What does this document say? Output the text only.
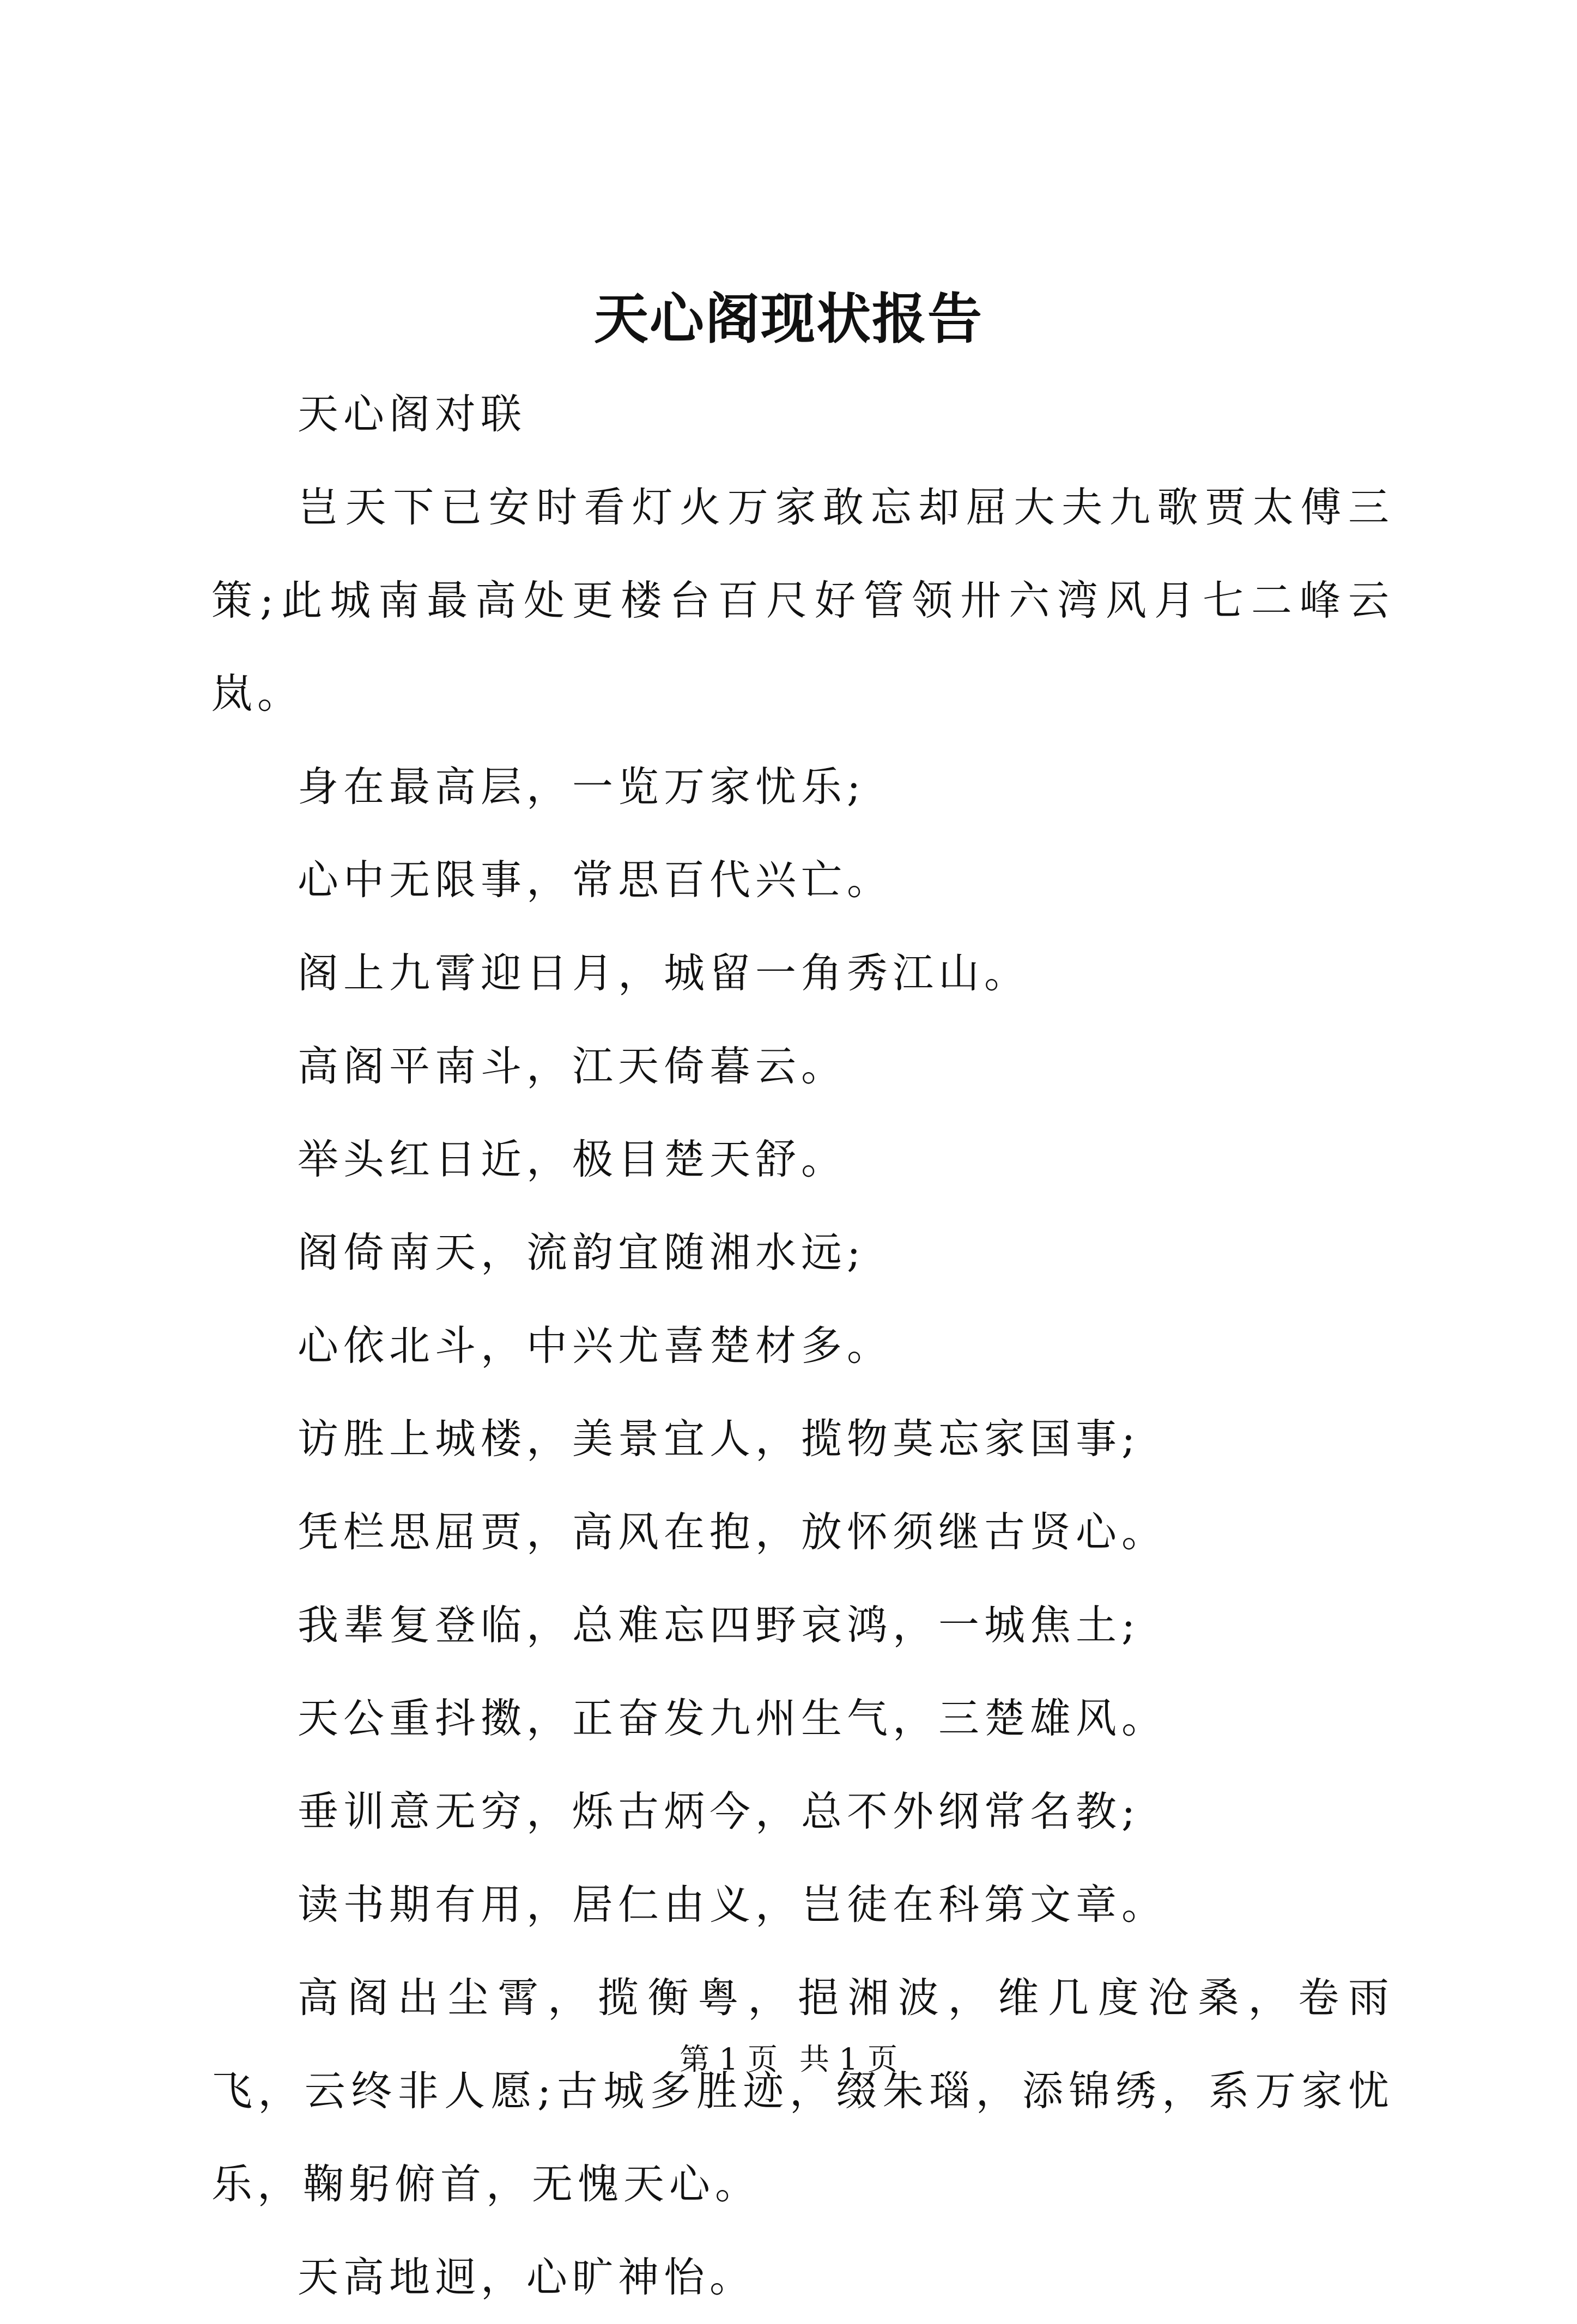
天心阁现状报告

天心阁对联

岂天下已安时看灯火万家敢忘却屈大夫九歌贾太傅三策;此城南最高处更楼台百尺好管领卅六湾风月七二峰云岚。

身在最高层，一览万家忧乐;

心中无限事，常思百代兴亡。

阁上九霄迎日月，城留一角秀江山。

高阁平南斗，江天倚暮云。

举头红日近，极目楚天舒。

阁倚南天，流韵宜随湘水远;

心依北斗，中兴尤喜楚材多。

访胜上城楼，美景宜人，揽物莫忘家国事;

凭栏思屈贾，高风在抱，放怀须继古贤心。

我辈复登临，总难忘四野哀鸿，一城焦土;

天公重抖擞，正奋发九州生气，三楚雄风。

垂训意无穷，烁古炳今，总不外纲常名教;

读书期有用，居仁由义，岂徒在科第文章。

高阁出尘霄，揽衡粤，挹湘波，维几度沧桑，卷雨飞，云终非人愿;古城多胜迹，缀朱瑙，添锦绣，系万家忧乐，鞠躬俯首，无愧天心。

天高地迥，心旷神怡。

第 1 页 共 1 页
